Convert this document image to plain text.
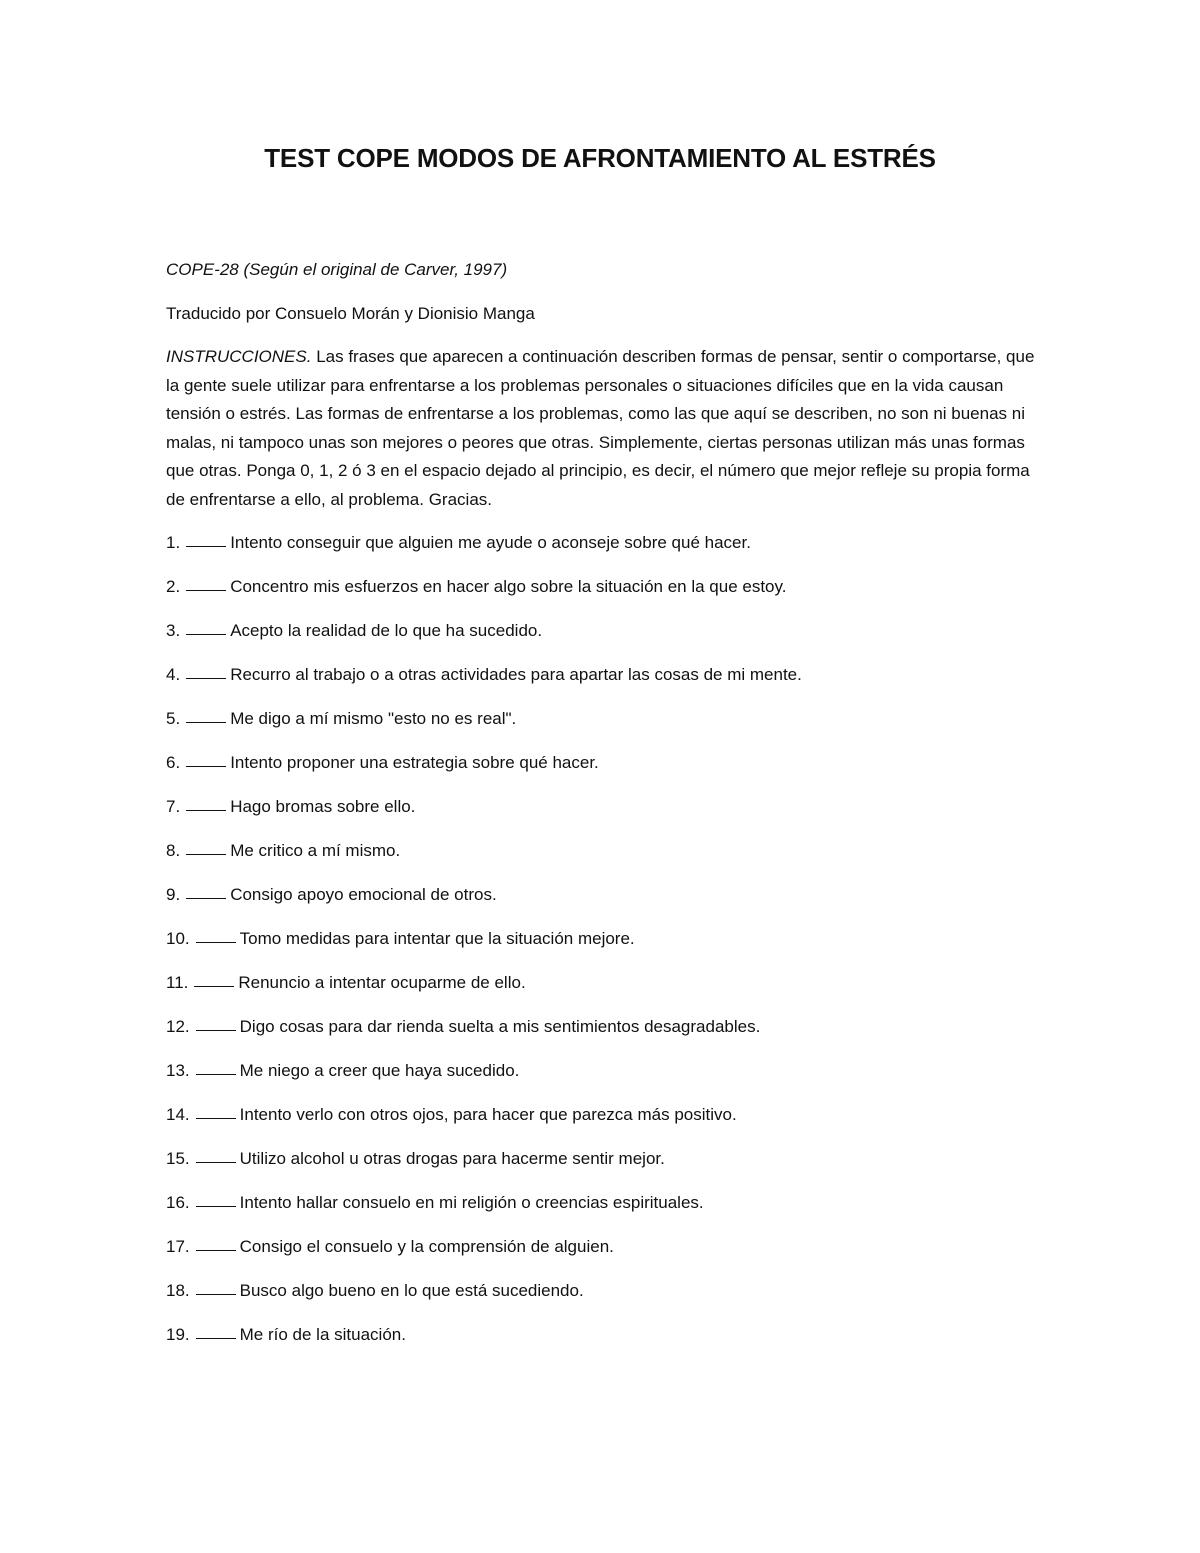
TEST COPE MODOS DE AFRONTAMIENTO AL ESTRÉS

COPE-28 (Según el original de Carver, 1997)

Traducido por Consuelo Morán y Dionisio Manga

INSTRUCCIONES. Las frases que aparecen a continuación describen formas de pensar, sentir o comportarse, que la gente suele utilizar para enfrentarse a los problemas personales o situaciones difíciles que en la vida causan tensión o estrés. Las formas de enfrentarse a los problemas, como las que aquí se describen, no son ni buenas ni malas, ni tampoco unas son mejores o peores que otras. Simplemente, ciertas personas utilizan más unas formas que otras. Ponga 0, 1, 2 ó 3 en el espacio dejado al principio, es decir, el número que mejor refleje su propia forma de enfrentarse a ello, al problema. Gracias.

1.	Intento conseguir que alguien me ayude o aconseje sobre qué hacer.
2.	Concentro mis esfuerzos en hacer algo sobre la situación en la que estoy.
3.	Acepto la realidad de lo que ha sucedido.
4.	Recurro al trabajo o a otras actividades para apartar las cosas de mi mente.
5.	Me digo a mí mismo "esto no es real".
6.	Intento proponer una estrategia sobre qué hacer.
7.	Hago bromas sobre ello.
8.	Me critico a mí mismo.
9.	Consigo apoyo emocional de otros.
10.	Tomo medidas para intentar que la situación mejore.
11.	Renuncio a intentar ocuparme de ello.
12.	Digo cosas para dar rienda suelta a mis sentimientos desagradables.
13.	Me niego a creer que haya sucedido.
14.	Intento verlo con otros ojos, para hacer que parezca más positivo.
15.	Utilizo alcohol u otras drogas para hacerme sentir mejor.
16.	Intento hallar consuelo en mi religión o creencias espirituales.
17.	Consigo el consuelo y la comprensión de alguien.
18.	Busco algo bueno en lo que está sucediendo.
19.	Me río de la situación.
